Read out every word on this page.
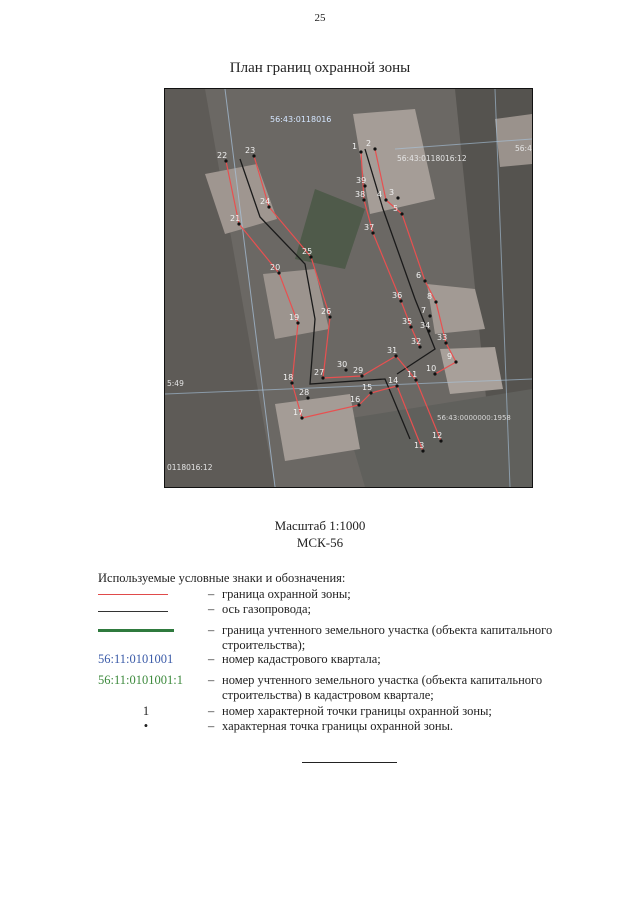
25
План границ охранной зоны
1 2
3
4
5
6
7
8
9
10
11
12
13
14
15
16
17
18
19
20
21
22
23
24
25
26
27
28
29
30
31
32 33
34
35
36
37
38
39
56:43:0118016
56:43:0118016:12
56:4
5:49
56:43:0000000:1958
0118016:12
Масштаб 1:1000
МСК-56
Используемые условные знаки и обозначения:
– граница охранной зоны;
– ось газопровода;
– граница учтенного земельного участка (объекта капитального строительства);
56:11:0101001	– номер кадастрового квартала;
56:11:0101001:1	– номер учтенного земельного участка (объекта капитального строительства) в кадастровом квартале;
1	– номер характерной точки границы охранной зоны;
•	– характерная точка границы охранной зоны.
